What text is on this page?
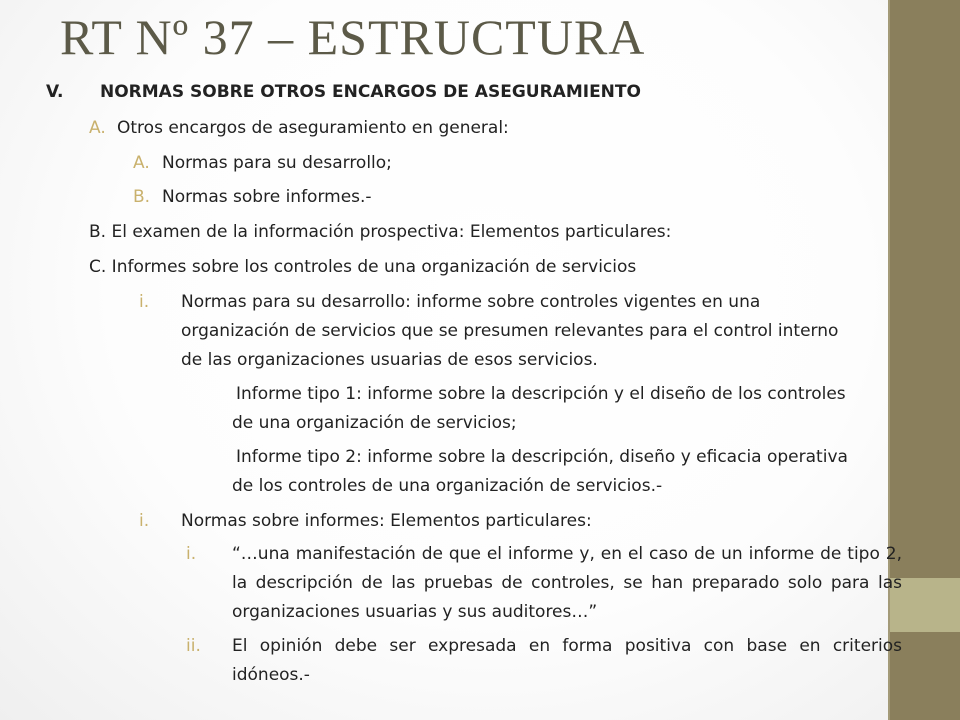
RT Nº 37 – ESTRUCTURA
V. NORMAS SOBRE OTROS ENCARGOS DE ASEGURAMIENTO
A. Otros encargos de aseguramiento en general:
A. Normas para su desarrollo;
B. Normas sobre informes.-
B. El examen de la información prospectiva: Elementos particulares:
C. Informes sobre los controles de una organización de servicios
i. Normas para su desarrollo: informe sobre controles vigentes en una organización de servicios que se presumen relevantes para el control interno de las organizaciones usuarias de esos servicios.
Informe tipo 1: informe sobre la descripción y el diseño de los controles de una organización de servicios;
Informe tipo 2: informe sobre la descripción, diseño y eficacia operativa de los controles de una organización de servicios.-
i. Normas sobre informes: Elementos particulares:
i. “…una manifestación de que el informe y, en el caso de un informe de tipo 2, la descripción de las pruebas de controles, se han preparado solo para las organizaciones usuarias y sus auditores…”
ii. El opinión debe ser expresada en forma positiva con base en criterios idóneos.-
